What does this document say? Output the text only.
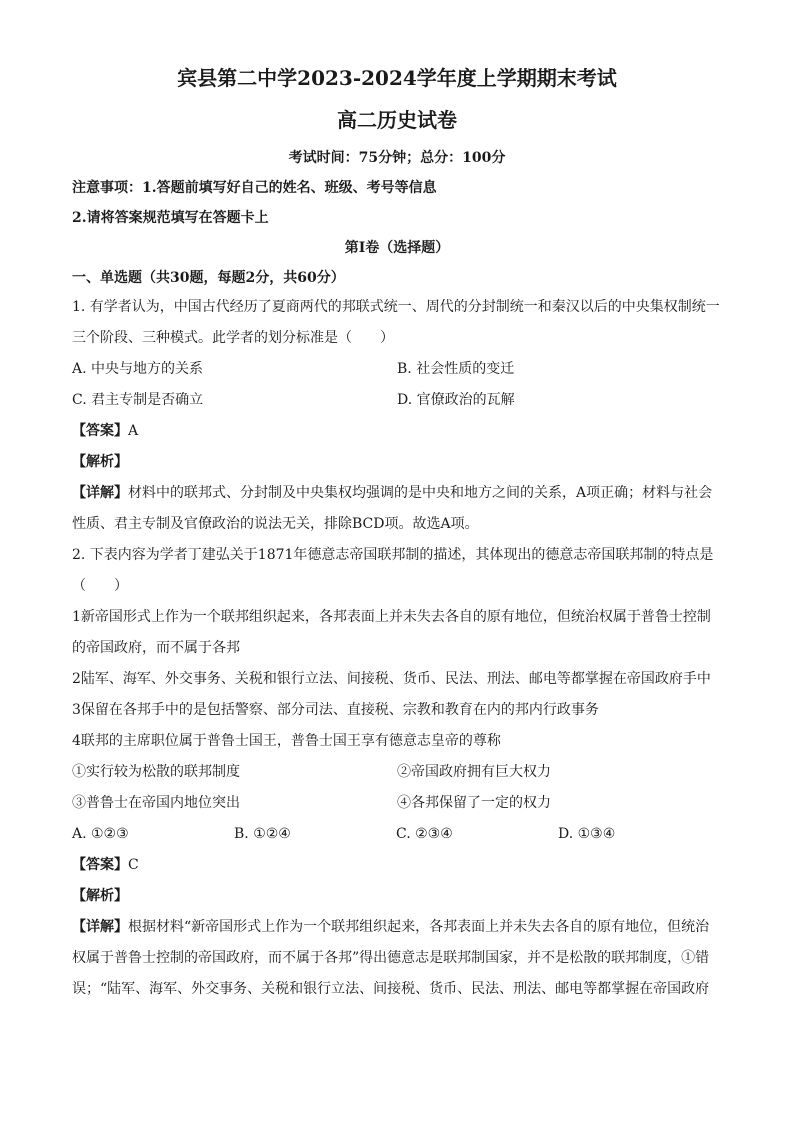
宾县第二中学2023-2024学年度上学期期末考试
高二历史试卷
考试时间：75分钟；总分：100分
注意事项：1.答题前填写好自己的姓名、班级、考号等信息
2.请将答案规范填写在答题卡上
第Ⅰ卷（选择题）
一、单选题（共30题，每题2分，共60分）

1. 有学者认为，中国古代经历了夏商两代的邦联式统一、周代的分封制统一和秦汉以后的中央集权制统一

三个阶段、三种模式。此学者的划分标准是（　　）

A. 中央与地方的关系	B. 社会性质的变迁
C. 君主专制是否确立	D. 官僚政治的瓦解

【答案】A

【解析】

【详解】材料中的联邦式、分封制及中央集权均强调的是中央和地方之间的关系，A项正确；材料与社会

性质、君主专制及官僚政治的说法无关，排除BCD项。故选A项。

2. 下表内容为学者丁建弘关于1871年德意志帝国联邦制的描述，其体现出的德意志帝国联邦制的特点是

（　　）

1新帝国形式上作为一个联邦组织起来，各邦表面上并未失去各自的原有地位，但统治权属于普鲁士控制

的帝国政府，而不属于各邦

2陆军、海军、外交事务、关税和银行立法、间接税、货币、民法、刑法、邮电等都掌握在帝国政府手中

3保留在各邦手中的是包括警察、部分司法、直接税、宗教和教育在内的邦内行政事务

4联邦的主席职位属于普鲁士国王，普鲁士国王享有德意志皇帝的尊称

①实行较为松散的联邦制度	②帝国政府拥有巨大权力
③普鲁士在帝国内地位突出	④各邦保留了一定的权力
A. ①②③	B. ①②④	C. ②③④	D. ①③④

【答案】C

【解析】

【详解】根据材料“新帝国形式上作为一个联邦组织起来，各邦表面上并未失去各自的原有地位，但统治

权属于普鲁士控制的帝国政府，而不属于各邦”得出德意志是联邦制国家，并不是松散的联邦制度，①错

误；“陆军、海军、外交事务、关税和银行立法、间接税、货币、民法、刑法、邮电等都掌握在帝国政府
